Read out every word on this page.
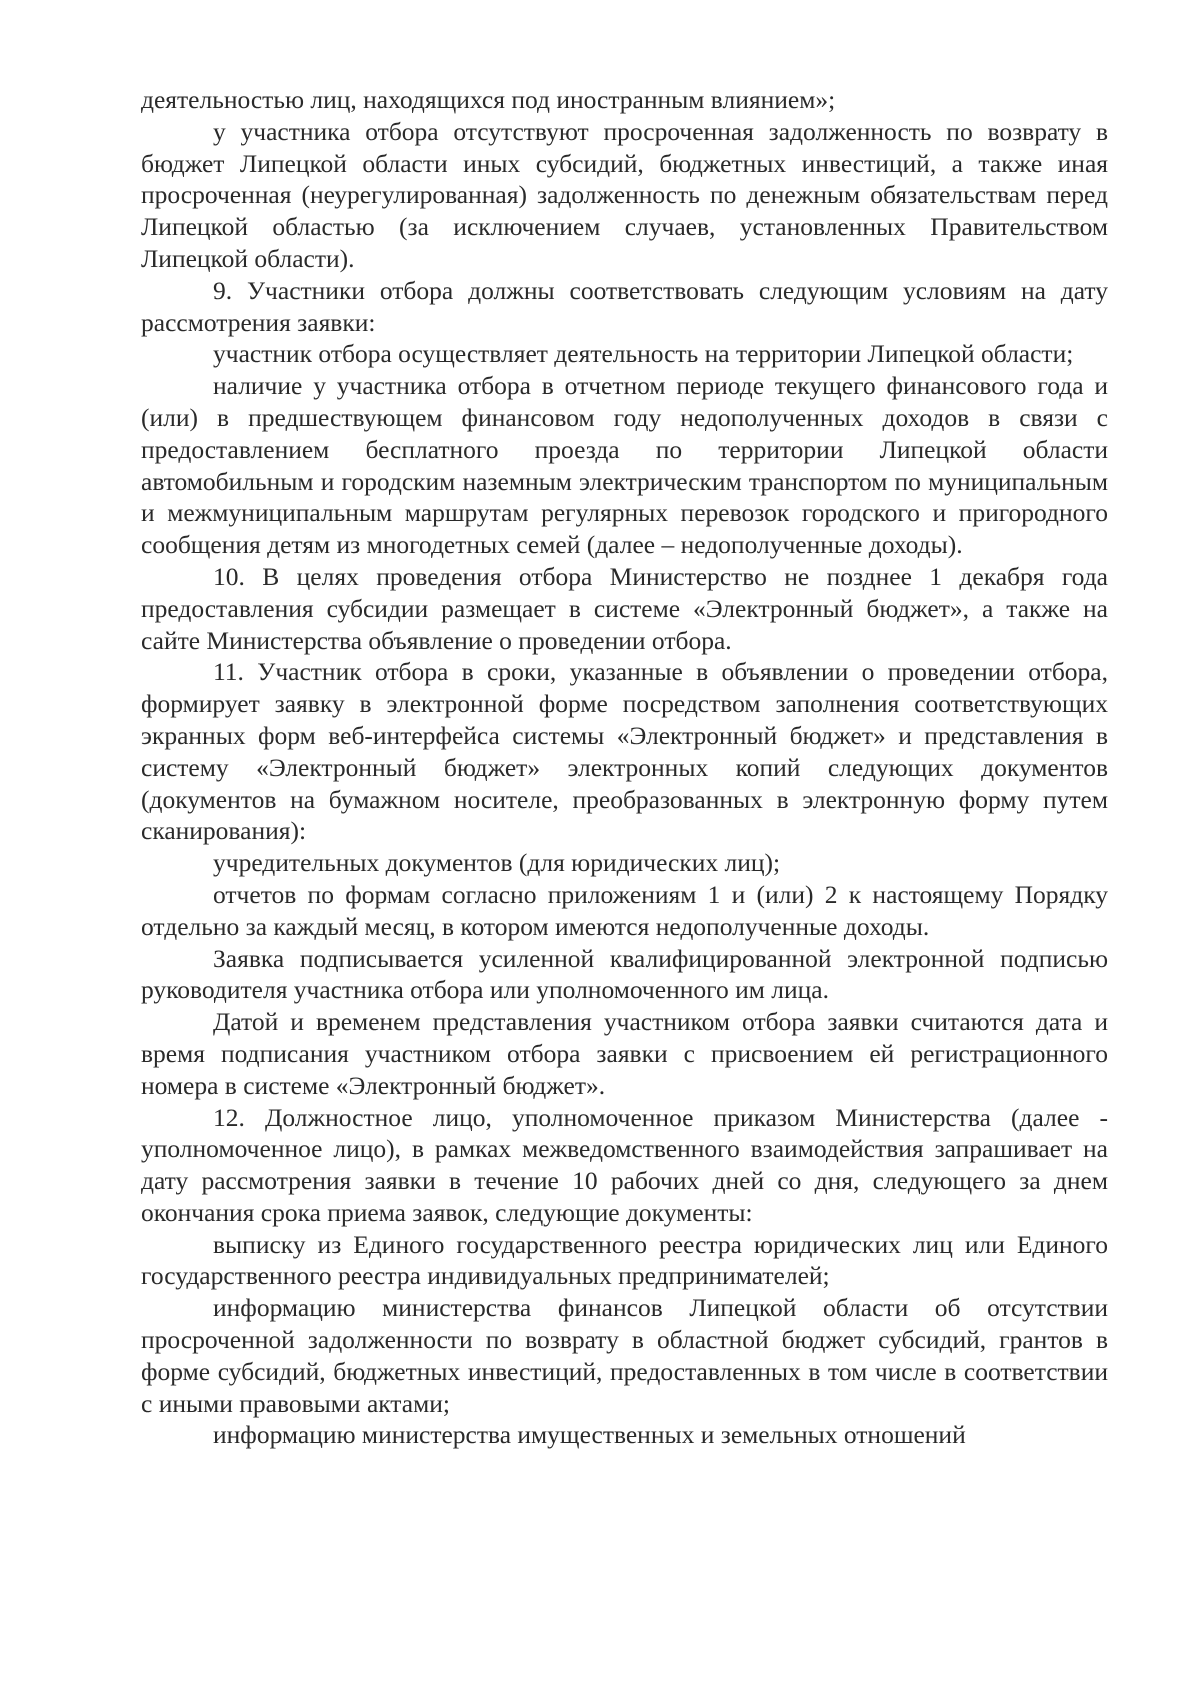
деятельностью лиц, находящихся под иностранным влиянием»;

у участника отбора отсутствуют просроченная задолженность по возврату в бюджет Липецкой области иных субсидий, бюджетных инвестиций, а также иная просроченная (неурегулированная) задолженность по денежным обязательствам перед Липецкой областью (за исключением случаев, установленных Правительством Липецкой области).

9. Участники отбора должны соответствовать следующим условиям на дату рассмотрения заявки:

участник отбора осуществляет деятельность на территории Липецкой области;

наличие у участника отбора в отчетном периоде текущего финансового года и (или) в предшествующем финансовом году недополученных доходов в связи с предоставлением бесплатного проезда по территории Липецкой области автомобильным и городским наземным электрическим транспортом по муниципальным и межмуниципальным маршрутам регулярных перевозок городского и пригородного сообщения детям из многодетных семей (далее – недополученные доходы).

10. В целях проведения отбора Министерство не позднее 1 декабря года предоставления субсидии размещает в системе «Электронный бюджет», а также на сайте Министерства объявление о проведении отбора.

11. Участник отбора в сроки, указанные в объявлении о проведении отбора, формирует заявку в электронной форме посредством заполнения соответствующих экранных форм веб-интерфейса системы «Электронный бюджет» и представления в систему «Электронный бюджет» электронных копий следующих документов (документов на бумажном носителе, преобразованных в электронную форму путем сканирования):

учредительных документов (для юридических лиц);

отчетов по формам согласно приложениям 1 и (или) 2 к настоящему Порядку отдельно за каждый месяц, в котором имеются недополученные доходы.

Заявка подписывается усиленной квалифицированной электронной подписью руководителя участника отбора или уполномоченного им лица.

Датой и временем представления участником отбора заявки считаются дата и время подписания участником отбора заявки с присвоением ей регистрационного номера в системе «Электронный бюджет».

12. Должностное лицо, уполномоченное приказом Министерства (далее - уполномоченное лицо), в рамках межведомственного взаимодействия запрашивает на дату рассмотрения заявки в течение 10 рабочих дней со дня, следующего за днем окончания срока приема заявок, следующие документы:

выписку из Единого государственного реестра юридических лиц или Единого государственного реестра индивидуальных предпринимателей;

информацию министерства финансов Липецкой области об отсутствии просроченной задолженности по возврату в областной бюджет субсидий, грантов в форме субсидий, бюджетных инвестиций, предоставленных в том числе в соответствии с иными правовыми актами;

информацию министерства имущественных и земельных отношений
